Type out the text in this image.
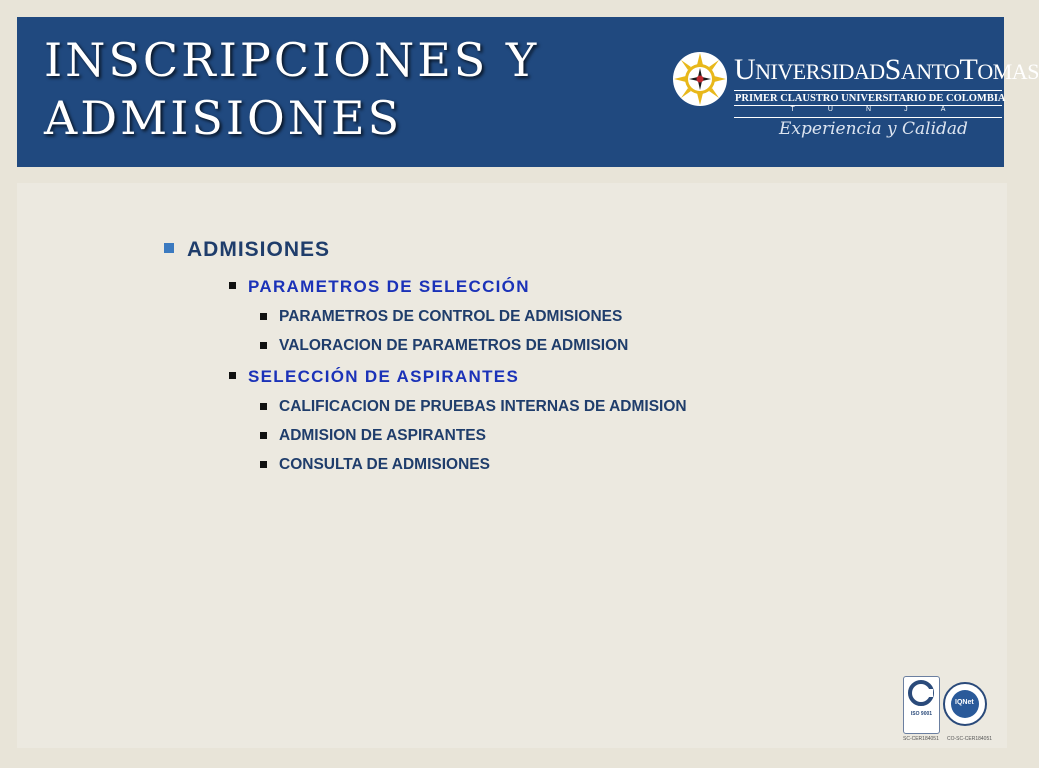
INSCRIPCIONES Y
ADMISIONES
UNIVERSIDADSANTOTOMAS
PRIMER CLAUSTRO UNIVERSITARIO DE COLOMBIA
T	U	N	J	A
Experiencia y Calidad
ADMISIONES
PARAMETROS DE SELECCIÓN
PARAMETROS DE CONTROL DE ADMISIONES
VALORACION DE PARAMETROS DE ADMISION
SELECCIÓN DE ASPIRANTES
CALIFICACION DE PRUEBAS INTERNAS DE ADMISION
ADMISION DE ASPIRANTES
CONSULTA DE ADMISIONES
ISO 9001
IQNet
SC-CER184051 CO-SC-CER184051
